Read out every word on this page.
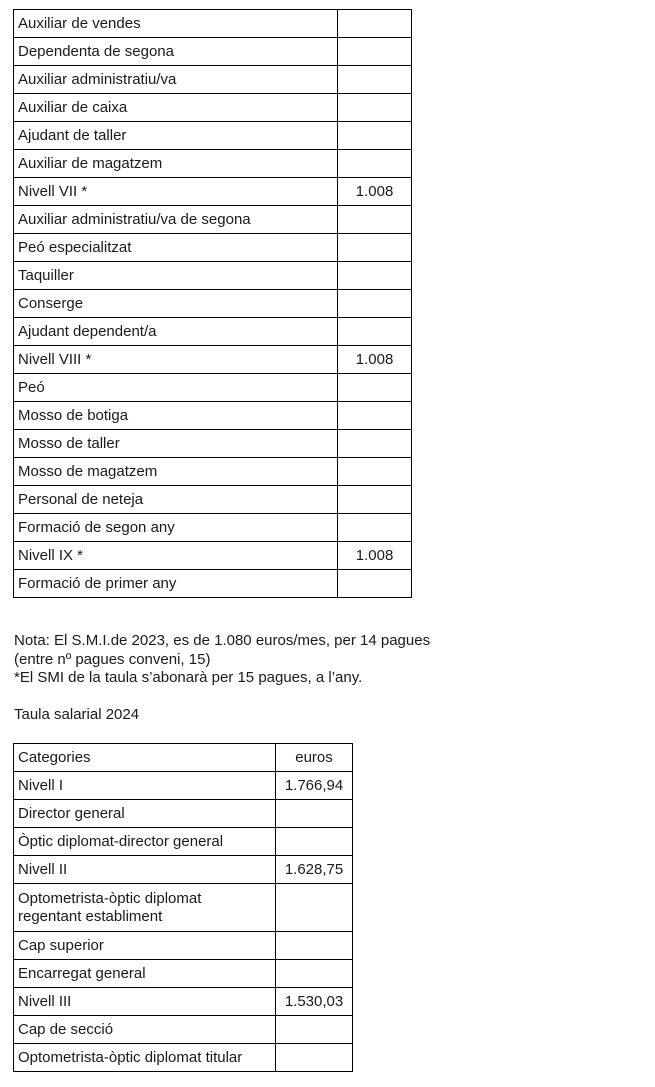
Auxiliar de vendes	
Dependenta de segona	
Auxiliar administratiu/va	
Auxiliar de caixa	
Ajudant de taller	
Auxiliar de magatzem	
Nivell VII *	1.008
Auxiliar administratiu/va de segona	
Peó especialitzat	
Taquiller	
Conserge	
Ajudant dependent/a	
Nivell VIII *	1.008
Peó	
Mosso de botiga	
Mosso de taller	
Mosso de magatzem	
Personal de neteja	
Formació de segon any	
Nivell IX *	1.008
Formació de primer any	

Nota: El S.M.I.de 2023, es de 1.080 euros/mes, per 14 pagues

(entre nº pagues conveni, 15)

*El SMI de la taula s’abonarà per 15 pagues, a l’any.

Taula salarial 2024
Categories	euros
Nivell I	1.766,94
Director general	
Òptic diplomat-director general	
Nivell II	1.628,75
Optometrista-òptic diplomat
regentant establiment	
Cap superior	
Encarregat general	
Nivell III	1.530,03
Cap de secció	
Optometrista-òptic diplomat titular	
